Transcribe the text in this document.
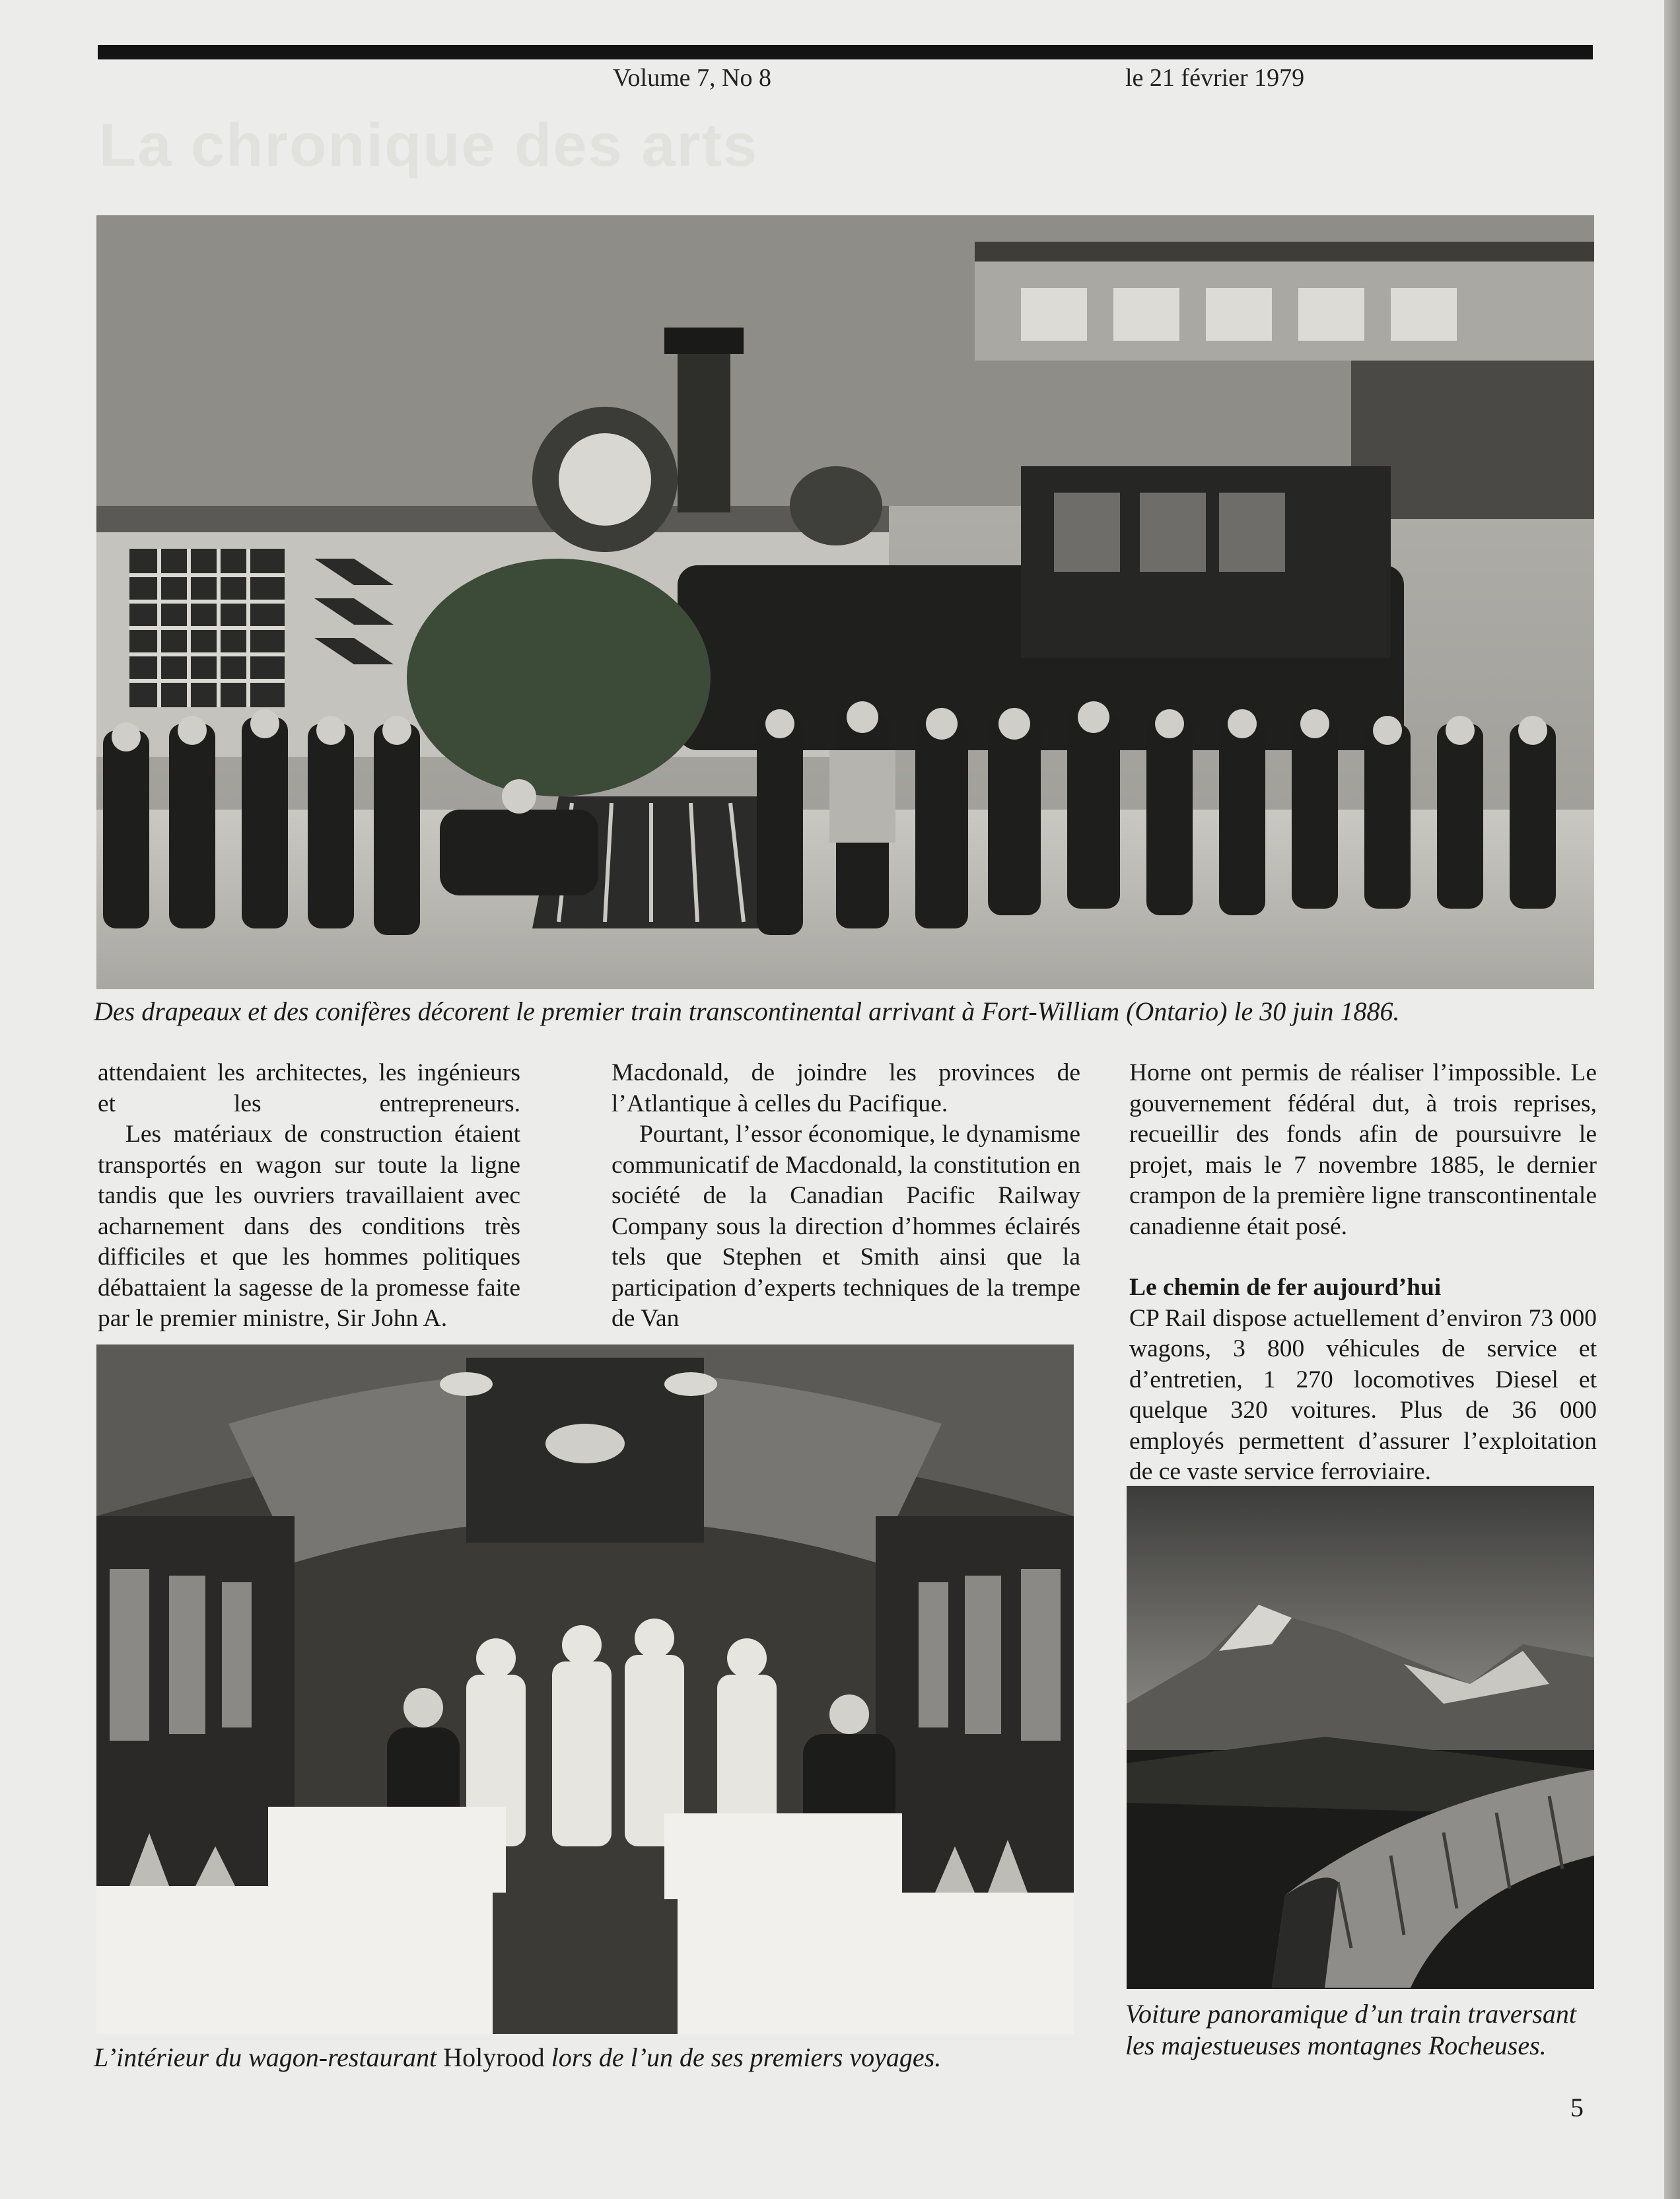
Volume 7, No 8	le 21 février 1979
La chronique des arts
Des drapeaux et des conifères décorent le premier train transcontinental arrivant à Fort-William (Ontario) le 30 juin 1886.

attendaient les architectes, les ingénieurs et les entrepreneurs.

Les matériaux de construction étaient transportés en wagon sur toute la ligne tandis que les ouvriers travaillaient avec acharnement dans des conditions très difficiles et que les hommes politiques débattaient la sagesse de la promesse faite par le premier ministre, Sir John A.

Macdonald, de joindre les provinces de l’Atlantique à celles du Pacifique.

Pourtant, l’essor économique, le dynamisme communicatif de Macdonald, la constitution en société de la Canadian Pacific Railway Company sous la direction d’hommes éclairés tels que Stephen et Smith ainsi que la participation d’experts techniques de la trempe de Van

Horne ont permis de réaliser l’impossible. Le gouvernement fédéral dut, à trois reprises, recueillir des fonds afin de poursuivre le projet, mais le 7 novembre 1885, le dernier crampon de la première ligne transcontinentale canadienne était posé.

Le chemin de fer aujourd’hui

CP Rail dispose actuellement d’environ 73 000 wagons, 3 800 véhicules de service et d’entretien, 1 270 locomotives Diesel et quelque 320 voitures. Plus de 36 000 employés permettent d’assurer l’exploitation de ce vaste service ferroviaire.

L’intérieur du wagon-restaurant Holyrood lors de l’un de ses premiers voyages.
Voiture panoramique d’un train traversant
les majestueuses montagnes Rocheuses.
5
